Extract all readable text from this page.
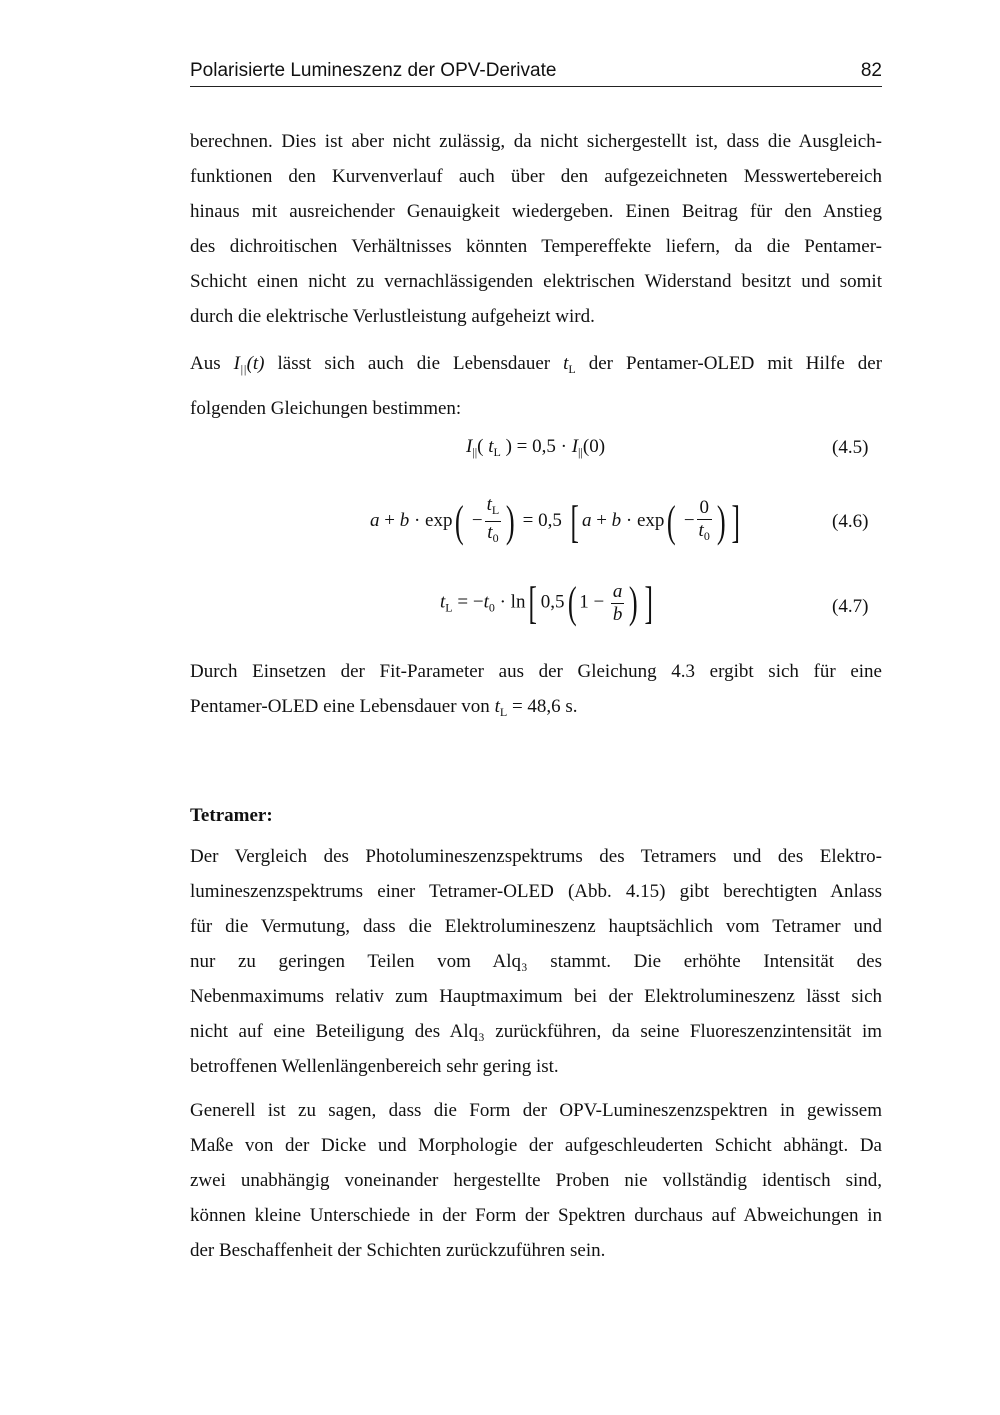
Polarisierte Lumineszenz der OPV-Derivate	82
berechnen. Dies ist aber nicht zulässig, da nicht sichergestellt ist, dass die Ausgleich-
funktionen den Kurvenverlauf auch über den aufgezeichneten Messwertebereich
hinaus mit ausreichender Genauigkeit wiedergeben. Einen Beitrag für den Anstieg
des dichroitischen Verhältnisses könnten Tempereffekte liefern, da die Pentamer-
Schicht einen nicht zu vernachlässigenden elektrischen Widerstand besitzt und somit
durch die elektrische Verlustleistung aufgeheizt wird.
Aus $I_{||}(t)$ lässt sich auch die Lebensdauer $t_L$ der Pentamer-OLED mit Hilfe der
folgenden Gleichungen bestimmen:
$I_{||}$( $t_L$ ) = $0,5 \cdot I_{||}(0)$	(4.5)
$a + b \cdot \exp( - \frac{t_L}{t_0}$ ) = 0,5 [ $a + b \cdot \exp( - \frac{0}{t_0}$ ) ]	(4.6)
$t_L = -t_0 \cdot \ln$[ 0,5( $1 - \frac{a}{b}$ ) ]	(4.7)
Durch Einsetzen der Fit-Parameter aus der Gleichung 4.3 ergibt sich für eine
Pentamer-OLED eine Lebensdauer von $t_L = 48,6$ s.
Tetramer:
Der Vergleich des Photolumineszenzspektrums des Tetramers und des Elektro-
lumineszenzspektrums einer Tetramer-OLED (Abb. 4.15) gibt berechtigten Anlass
für die Vermutung, dass die Elektrolumineszenz hauptsächlich vom Tetramer und
nur zu geringen Teilen vom Alq₃ stammt. Die erhöhte Intensität des
Nebenmaximums relativ zum Hauptmaximum bei der Elektrolumineszenz lässt sich
nicht auf eine Beteiligung des Alq₃ zurückführen, da seine Fluoreszenzintensität im
betroffenen Wellenlängenbereich sehr gering ist.
Generell ist zu sagen, dass die Form der OPV-Lumineszenzspektren in gewissem
Maße von der Dicke und Morphologie der aufgeschleuderten Schicht abhängt. Da
zwei unabhängig voneinander hergestellte Proben nie vollständig identisch sind,
können kleine Unterschiede in der Form der Spektren durchaus auf Abweichungen in
der Beschaffenheit der Schichten zurückzuführen sein.
